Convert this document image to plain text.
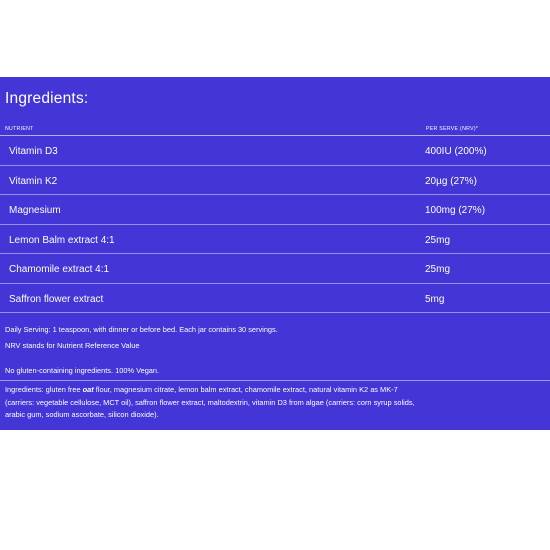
Ingredients:
NUTRIENT	PER SERVE (NRV)*
Vitamin D3	400IU (200%)
Vitamin K2	20µg (27%)
Magnesium	100mg (27%)
Lemon Balm extract 4:1	25mg
Chamomile extract 4:1	25mg
Saffron flower extract	5mg
Daily Serving: 1 teaspoon, with dinner or before bed. Each jar contains 30 servings.
NRV stands for Nutrient Reference Value
No gluten-containing ingredients. 100% Vegan.
Ingredients: gluten free oat flour, magnesium citrate, lemon balm extract, chamomile extract, natural vitamin K2 as MK-7
(carriers: vegetable cellulose, MCT oil), saffron flower extract, maltodextrin, vitamin D3 from algae (carriers: corn syrup solids,
arabic gum, sodium ascorbate, silicon dioxide).
